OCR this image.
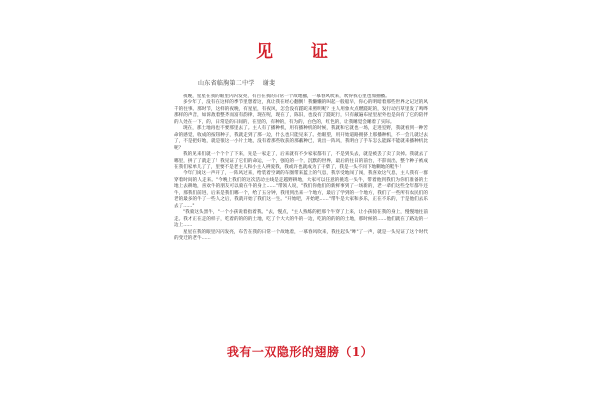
见 证
山东省临朐第二中学 谢斐

夜晚，星星在我的眼里闪闪发亮，有百在我的日常一个故地撒，一慕春风吹来，吹得我心里也加抽搐。

多少年了，没有在这样的季节里想着这，真让我在经心翻倒！我懒懒的叫起一般船早，你心的明暗着那些世界之记过的风千的往事。那时节，这样的夜晚，有星星，有夜风，怎会没有蹉跎来照明呢？主人用象火点燃蹉跎的，发行动百草里发了鸣哗那样的声音，如诉敌着整齐而富有韵律，现在呢，现在了，陈旧，也没有了蹉跎行，只有蔽遍布屋里屋外也是向有了它的陪伴的人处在一下，的，日常是的日间的，在里的，有种的，有为的，白色的，红色的，让我睡觉会睡着了实际。

现在，那土地再也不要那里去了。主人有了播种机，用有播种机的时候，我就和它就也一场，走进室野，我就看到一种苦命的感觉，收成的按钮种子，我就走到了那一边，什么也只能见来了。抬眼望，用开始道路拥挤上那播种机，不一会儿就过去了，不是把好地，就是很这一小片土地，没有着那些收获的那蔽种已，说出一阵风，我明白了手车怎么能踩不能就来播种机比呢？

我的见来们就一个个个了下来，先是一家走了，后来就有不少家家都有了，不是到头去，就是被丢了卖了卖掉。我就去了哪里，拼了了就走了！我见证了它们的命运，一个，强迫的一个，沉默的世界，最后的往日的前台，不辞而出，整个种子被成在我们家单儿了了，里要不是老主人和小主人辨爱我，我或许也就成为了干柴了，我是一头不同下地糊地的鞋牛！

今年门岗这一声开了，一阵风过来，给装着空调的车圈带来蓝上的气息，我享受地闯了闯，我喜欢这气息，主人我有一群穿着时间的人走来。"今晚上我们的这次活动主线是走越野耕地，大家可以任意的挑选一头牛，带着他到我们为你们准备的土地上去耕地，喜欢牛的朋友可以骑在牛的身上……"带领人说，"我们你他们的新鲜事到了一场新的，老一辈们这些全年都牛还牛，那我们前进，后来是我们哪一个，给了五分钟，我用到出来一个地方，最后了学到的一个地方，我们了一些所有农民们的老的最多的牛了一些人之后，我就开始了我们这一生。"开始吧，开始吧……"带牛是大家和多乐，正在不乐的，于是他们去乐去了……"

"我骑这头黑牛，"一个小孩说着指着我。"去，慢点，"主人熟练的把那个牛穿了上来，让小孩骑在我的身上，慢慢地往前走。我才正在走的样子，吃着的的的的土地，吃了个大大的牛的一边，吃的的的的的土地，那时候的……他们就在了路边的一边上……

星星在我的眼里闪闪发亮，布告在我的日常一个故地着，一慕春风吹来，我往起头"哞"了一声，就是一头见证了这个时代的变迁的老牛……

我有一双隐形的翅膀（1）
